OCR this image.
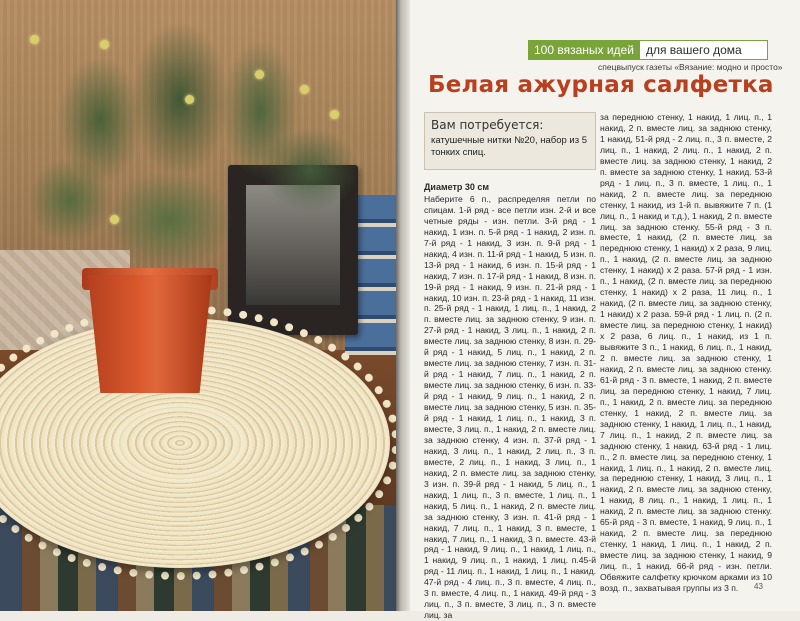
100 вязаных идей	для вашего дома
спецвыпуск газеты «Вязание: модно и просто»
Белая ажурная салфетка
Вам потребуется:
катушечные нитки №20, набор из 5 тонких спиц.
Диаметр 30 см
Наберите 6 п., распределяя петли по спицам. 1-й ряд - все петли изн. 2-й и все четные ряды - изн. петли. 3-й ряд - 1 накид, 1 изн. п. 5-й ряд - 1 накид, 2 изн. п. 7-й ряд - 1 накид, 3 изн. п. 9-й ряд - 1 накид, 4 изн. п. 11-й ряд - 1 накид, 5 изн. п. 13-й ряд - 1 накид, 6 изн. п. 15-й ряд - 1 накид, 7 изн. п. 17-й ряд - 1 накид, 8 изн. п. 19-й ряд - 1 накид, 9 изн. п. 21-й ряд - 1 накид, 10 изн. п. 23-й ряд - 1 накид, 11 изн. п. 25-й ряд - 1 накид, 1 лиц. п., 1 накид, 2 п. вместе лиц. за заднюю стенку, 9 изн. п. 27-й ряд - 1 накид, 3 лиц. п., 1 накид, 2 п. вместе лиц. за заднюю стенку, 8 изн. п. 29-й ряд - 1 накид, 5 лиц. п., 1 накид, 2 п. вместе лиц. за заднюю стенку, 7 изн. п. 31-й ряд - 1 накид, 7 лиц. п., 1 накид, 2 п. вместе лиц. за заднюю стенку, 6 изн. п. 33-й ряд - 1 накид, 9 лиц. п., 1 накид, 2 п. вместе лиц. за заднюю стенку, 5 изн. п. 35-й ряд - 1 накид, 1 лиц. п., 1 накид, 3 п. вместе, 3 лиц. п., 1 накид, 2 п. вместе лиц. за заднюю стенку, 4 изн. п. 37-й ряд - 1 накид, 3 лиц. п., 1 накид, 2 лиц. п., 3 п. вместе, 2 лиц. п., 1 накид, 3 лиц. п., 1 накид, 2 п. вместе лиц. за заднюю стенку, 3 изн. п. 39-й ряд - 1 накид, 5 лиц. п., 1 накид, 1 лиц. п., 3 п. вместе, 1 лиц. п., 1 накид, 5 лиц. п., 1 накид, 2 п. вместе лиц. за заднюю стенку, 3 изн. п. 41-й ряд - 1 накид, 7 лиц. п., 1 накид, 3 п. вместе, 1 накид, 7 лиц. п., 1 накид, 3 п. вместе. 43-й ряд - 1 накид, 9 лиц. п., 1 накид, 1 лиц. п., 1 накид, 9 лиц. п., 1 накид, 1 лиц. п.45-й ряд - 11 лиц. п., 1 накид, 1 лиц. п., 1 накид. 47-й ряд - 4 лиц. п., 3 п. вместе, 4 лиц. п., 3 п. вместе, 4 лиц. п., 1 накид. 49-й ряд - 3 лиц. п., 3 п. вместе, 3 лиц. п., 3 п. вместе лиц. за
за переднюю стенку, 1 накид, 1 лиц. п., 1 накид, 2 п. вместе лиц. за заднюю стенку, 1 накид, 51-й ряд - 2 лиц. п., 3 п. вместе, 2 лиц. п., 1 накид, 2 лиц. п., 1 накид, 2 п. вместе лиц. за заднюю стенку, 1 накид, 2 п. вместе за заднюю стенку, 1 накид. 53-й ряд - 1 лиц. п., 3 п. вместе, 1 лиц. п., 1 накид, 2 п. вместе лиц. за переднюю стенку, 1 накид, из 1-й п. вывяжите 7 п. (1 лиц. п., 1 накид и т.д.), 1 накид, 2 п. вместе лиц. за заднюю стенку. 55-й ряд - 3 п. вместе, 1 накид, (2 п. вместе лиц. за переднюю стенку, 1 накид) х 2 раза, 9 лиц. п., 1 накид, (2 п. вместе лиц. за заднюю стенку, 1 накид) х 2 раза. 57-й ряд - 1 изн. п., 1 накид, (2 п. вместе лиц. за переднюю стенку, 1 накид) х 2 раза, 11 лиц. п., 1 накид, (2 п. вместе лиц. за заднюю стенку, 1 накид) х 2 раза. 59-й ряд - 1 лиц. п. (2 п. вместе лиц. за переднюю стенку, 1 накид) х 2 раза, 6 лиц. п., 1 накид, из 1 п. вывяжите 3 п., 1 накид, 6 лиц. п., 1 накид, 2 п. вместе лиц. за заднюю стенку, 1 накид, 2 п. вместе лиц. за заднюю стенку. 61-й ряд - 3 п. вместе, 1 накид, 2 п. вместе лиц. за переднюю стенку, 1 накид, 7 лиц. п., 1 накид, 2 п. вместе лиц. за переднюю стенку, 1 накид, 2 п. вместе лиц. за заднюю стенку, 1 накид, 1 лиц. п., 1 накид, 7 лиц. п., 1 накид, 2 п. вместе лиц. за заднюю стенку, 1 накид. 63-й ряд - 1 лиц. п., 2 п. вместе лиц. за переднюю стенку, 1 накид, 1 лиц. п., 1 накид, 2 п. вместе лиц. за переднюю стенку, 1 накид, 3 лиц. п., 1 накид, 2 п. вместе лиц. за заднюю стенку, 1 накид, 8 лиц. п., 1 накид, 1 лиц. п., 1 накид, 2 п. вместе лиц. за заднюю стенку. 65-й ряд - 3 п. вместе, 1 накид, 9 лиц. п., 1 накид, 2 п. вместе лиц. за переднюю стенку, 1 накид, 1 лиц. п., 1 накид, 2 п. вместе лиц. за заднюю стенку, 1 накид, 9 лиц. п., 1 накид. 66-й ряд - изн. петли. Обвяжите салфетку крючком арками из 10 возд. п., захватывая группы из 3 п.	43
